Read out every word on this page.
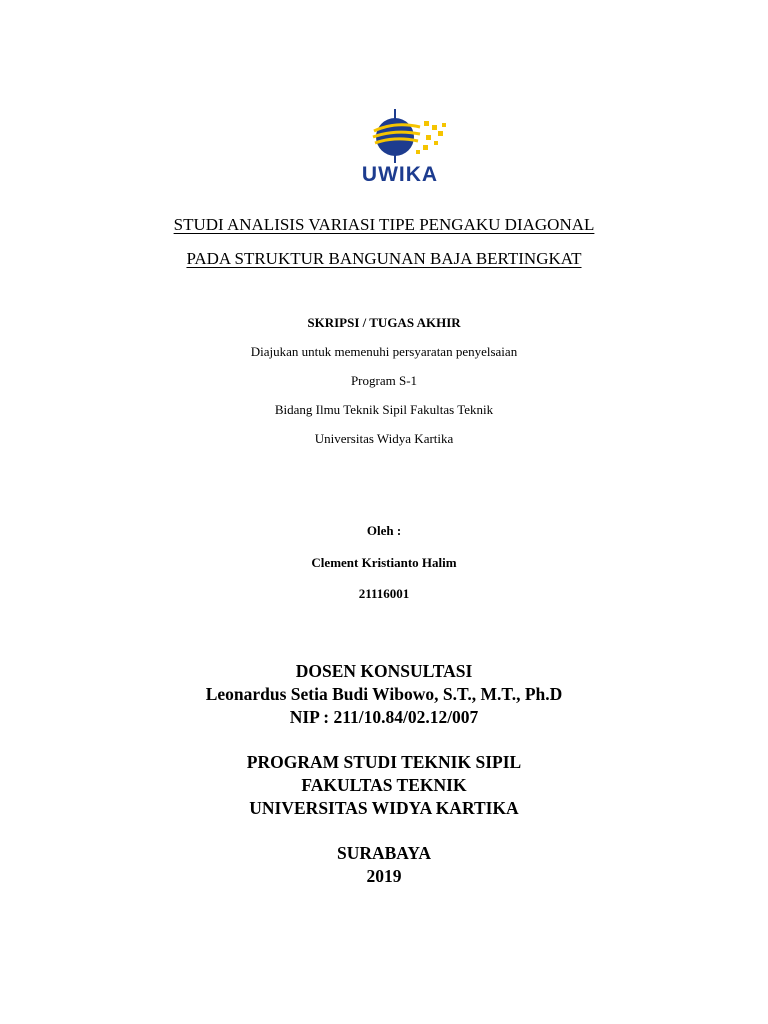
UWIKA
STUDI ANALISIS VARIASI TIPE PENGAKU DIAGONAL
PADA STRUKTUR BANGUNAN BAJA BERTINGKAT
SKRIPSI / TUGAS AKHIR
Diajukan untuk memenuhi persyaratan penyelsaian
Program S-1
Bidang Ilmu Teknik Sipil Fakultas Teknik
Universitas Widya Kartika
Oleh :
Clement Kristianto Halim
21116001
DOSEN KONSULTASI
Leonardus Setia Budi Wibowo, S.T., M.T., Ph.D
NIP : 211/10.84/02.12/007
PROGRAM STUDI TEKNIK SIPIL
FAKULTAS TEKNIK
UNIVERSITAS WIDYA KARTIKA
SURABAYA
2019
